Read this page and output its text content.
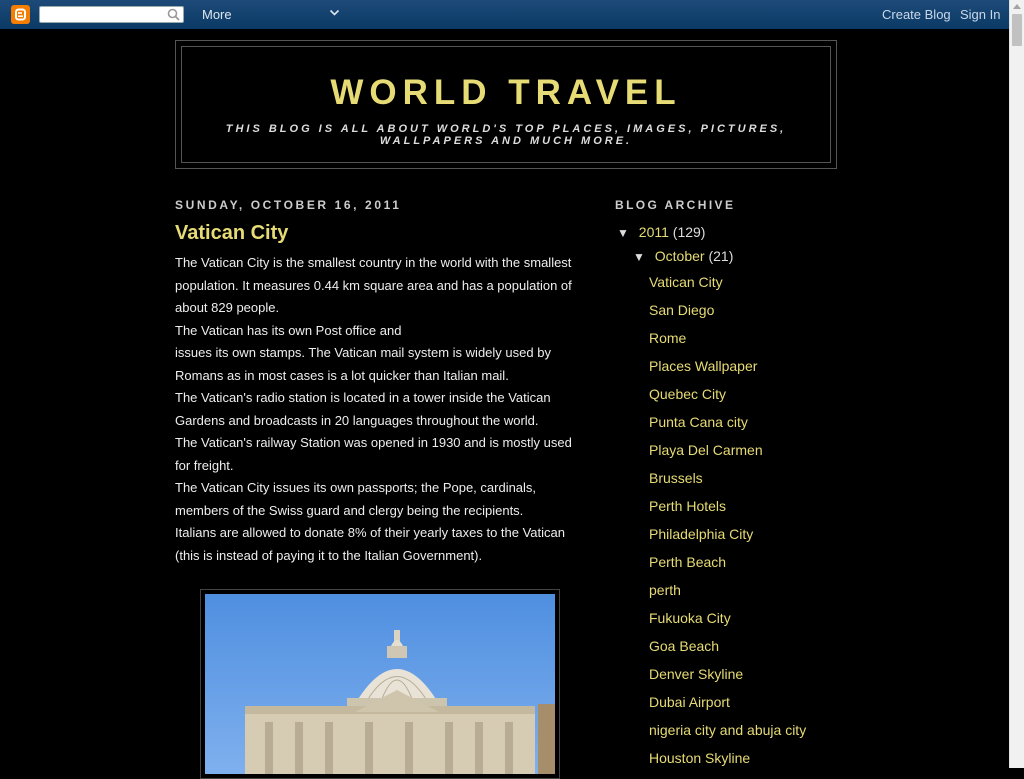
More	Create Blog Sign In
WORLD TRAVEL
THIS BLOG IS ALL ABOUT WORLD'S TOP PLACES, IMAGES, PICTURES, WALLPAPERS AND MUCH MORE.
SUNDAY, OCTOBER 16, 2011
Vatican City

The Vatican City is the smallest country in the world with the smallest population. It measures 0.44 km square area and has a population of about 829 people.

The Vatican has its own Post office and

issues its own stamps. The Vatican mail system is widely used by Romans as in most cases is a lot quicker than Italian mail.

The Vatican's radio station is located in a tower inside the Vatican Gardens and broadcasts in 20 languages throughout the world.

The Vatican's railway Station was opened in 1930 and is mostly used for freight.

The Vatican City issues its own passports; the Pope, cardinals, members of the Swiss guard and clergy being the recipients.

Italians are allowed to donate 8% of their yearly taxes to the Vatican (this is instead of paying it to the Italian Government).

BLOG ARCHIVE
▼ 2011 (129)
▼ October (21)
Vatican City
San Diego
Rome
Places Wallpaper
Quebec City
Punta Cana city
Playa Del Carmen
Brussels
Perth Hotels
Philadelphia City
Perth Beach
perth
Fukuoka City
Goa Beach
Denver Skyline
Dubai Airport
nigeria city and abuja city
Houston Skyline
